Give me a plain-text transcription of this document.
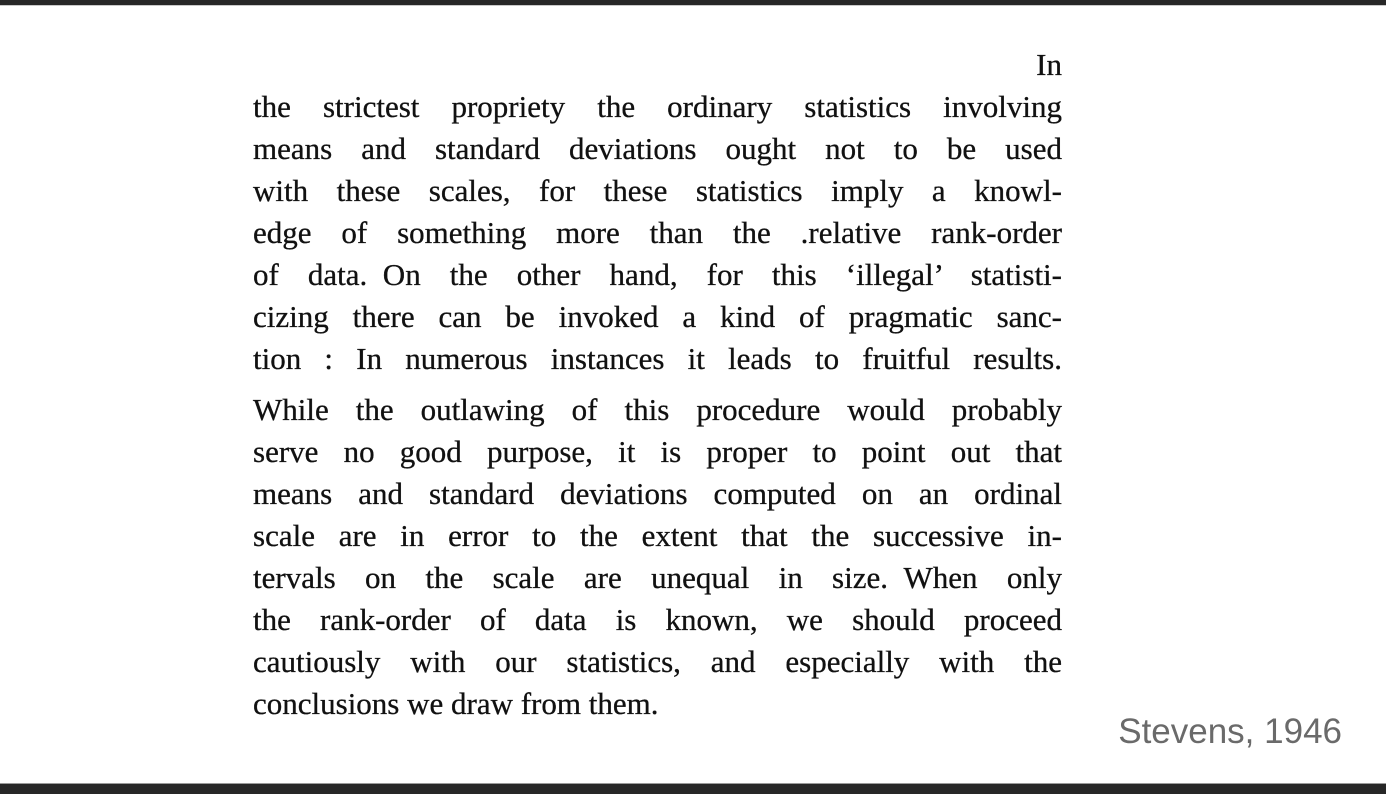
In
the strictest propriety the ordinary statistics involving
means and standard deviations ought not to be used
with these scales, for these statistics imply a knowl-
edge of something more than the .relative rank-order
of data. On the other hand, for this ‘illegal’ statisti-
cizing there can be invoked a kind of pragmatic sanc-
tion : In numerous instances it leads to fruitful results.
While the outlawing of this procedure would probably
serve no good purpose, it is proper to point out that
means and standard deviations computed on an ordinal
scale are in error to the extent that the successive in-
tervals on the scale are unequal in size. When only
the rank-order of data is known, we should proceed
cautiously with our statistics, and especially with the
conclusions we draw from them.
Stevens, 1946
